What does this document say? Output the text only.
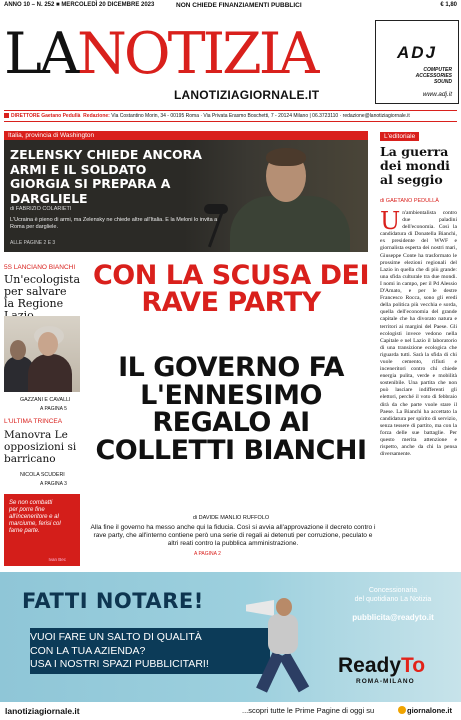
ANNO 10 – N. 252 ■ MERCOLEDÌ 20 DICEMBRE 2023	NON CHIEDE FINANZIAMENTI PUBBLICI	€ 1,80
LANOTIZIA
LANOTIZIAGIORNALE.IT
ADJ
COMPUTER
ACCESSORIES
SOUND
www.adj.it
DIRETTORE Gaetano Pedullà Redazione: Via Costantino Morin, 34 - 00195 Roma · Via Privata Erasmo Boschetti, 7 - 20124 Milano | 06.3723110 · redazione@lanotiziagiornale.it
Italia, provincia di Washington
ZELENSKY CHIEDE ANCORA ARMI E IL SOLDATO GIORGIA SI PREPARA A DARGLIELE
di FABRIZIO COLARIETI
L'Ucraina è pieno di armi, ma Zelensky ne chiede altre all'Italia. E la Meloni lo invita a Roma per dargliele.
ALLE PAGINE 2 E 3
L'editoriale
La guerra dei mondi al seggio
di GAETANO PEDULLÀ
Un'ambientalista contro due paladini dell'economia. Così la candidatura di Donatella Bianchi, ex presidente del WWF e giornalista esperta dei nostri mari, Giuseppe Conte ha trasformato le prossime elezioni regionali del Lazio in quella che di più grande: una sfida culturale tra due mondi. I nomi in campo, per il Pd Alessio D'Amato, e per le destre Francesco Rocca, sono gli eredi della politica più vecchia e sorda, quella dell'economia del grande capitale che ha divorato natura e territori ai margini del Paese. Gli ecologisti invece vedono nella Capitale e nel Lazio il laboratorio di una transizione ecologica che riguarda tutti. Sarà la sfida di chi vuole cemento, rifiuti e inceneritori contro chi chiede energia pulita, verde e mobilità sostenibile. Una partita che non può lasciare indifferenti gli elettori, perché il voto di febbraio dirà da che parte vuole stare il Paese. La Bianchi ha accettato la candidatura per spirito di servizio, senza tessere di partito, ma con la forza delle sue battaglie. Per questo merita attenzione e rispetto, anche da chi la pensa diversamente.
5S LANCIANO BIANCHI
Un'ecologista per salvare la Regione
GAZZANI E CAVALLI
A PAGINA 5
L'ULTIMA TRINCEA
Manovra Le opposizioni si barricano
NICOLA SCUDERI
A PAGINA 3
Se non combatti per porre fine all'inceneritore e al marciume, ferisi col farne parte.
Ivan Bec
CON LA SCUSA DEI RAVE PARTY
IL GOVERNO FA L'ENNESIMO REGALO AI COLLETTI BIANCHI
di DAVIDE MANLIO RUFFOLO
Alla fine il governo ha messo anche qui la fiducia. Così si avvia all'approvazione il decreto contro i rave party, che all'interno contiene però una serie di regali ai detenuti per corruzione, peculato e altri reati contro la pubblica amministrazione.
A PAGINA 2
FATTI NOTARE!
VUOI FARE UN SALTO DI QUALITÀ
CON LA TUA AZIENDA?
USA I NOSTRI SPAZI PUBBLICITARI!
Concessionaria
del quotidiano La Notizia
pubblicita@readyto.it
ReadyTo
ROMA-MILANO
lanotiziagiornale.it	...scopri tutte le Prime Pagine di oggi su	giornalone.it
